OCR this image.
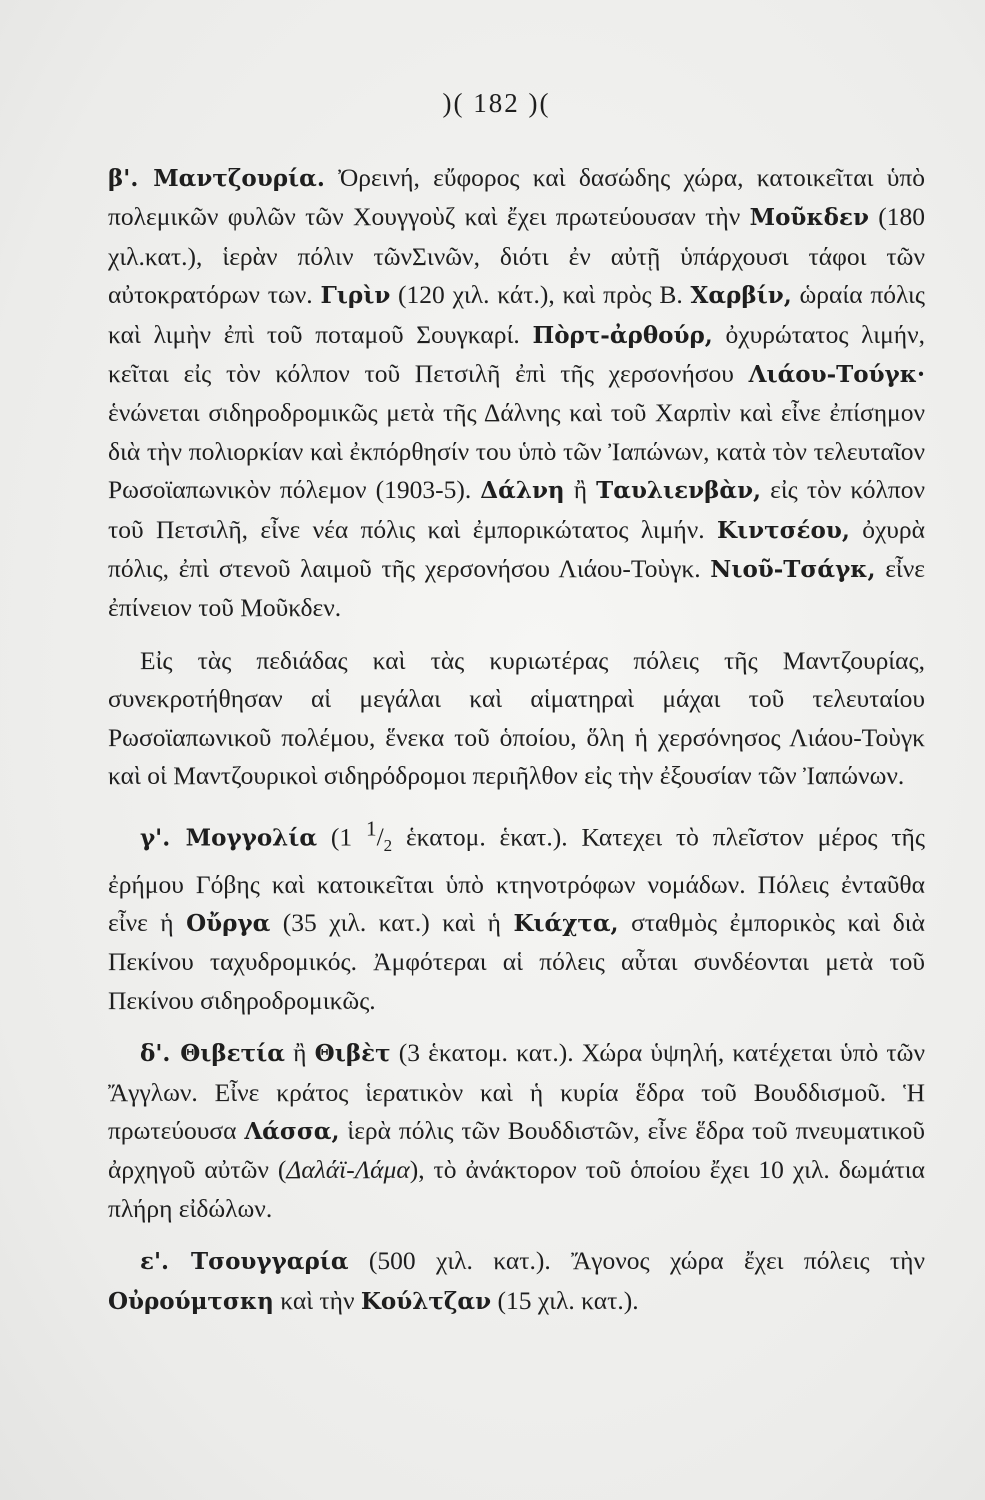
)( 182 )(

β'. Μαντζουρία. Ὀρεινή, εὔφορος καὶ δασώδης χώρα, κατοικεῖται ὑπὸ πολεμικῶν φυλῶν τῶν Χουγγοὺζ καὶ ἔχει πρωτεύουσαν τὴν Μοῦκδεν (180 χιλ.κατ.), ἱερὰν πόλιν τῶνΣινῶν, διότι ἐν αὐτῇ ὑπάρχουσι τάφοι τῶν αὐτοκρατόρων των. Γιρὶν (120 χιλ. κάτ.), καὶ πρὸς Β. Χαρβίν, ὡραία πόλις καὶ λιμὴν ἐπὶ τοῦ ποταμοῦ Σουγκαρί. Πὸρτ-ἀρθούρ, ὀχυρώτατος λιμήν, κεῖται εἰς τὸν κόλπον τοῦ Πετσιλῆ ἐπὶ τῆς χερσονήσου Λιάου-Τούγκ· ἑνώνεται σιδηροδρομικῶς μετὰ τῆς Δάλνης καὶ τοῦ Χαρπὶν καὶ εἶνε ἐπίσημον διὰ τὴν πολιορκίαν καὶ ἐκπόρθησίν του ὑπὸ τῶν Ἰαπώνων, κατὰ τὸν τελευταῖον Ρωσοϊαπωνικὸν πόλεμον (1903-5). Δάλνη ἢ Ταυλιενβὰν, εἰς τὸν κόλπον τοῦ Πετσιλῆ, εἶνε νέα πόλις καὶ ἐμπορικώτατος λιμήν. Κιντσέου, ὀχυρὰ πόλις, ἐπὶ στενοῦ λαιμοῦ τῆς χερσονήσου Λιάου-Τοὺγκ. Νιοῦ-Τσάγκ, εἶνε ἐπίνειον τοῦ Μοῦκδεν.

Εἰς τὰς πεδιάδας καὶ τὰς κυριωτέρας πόλεις τῆς Μαντζουρίας, συνεκροτήθησαν αἱ μεγάλαι καὶ αἱματηραὶ μάχαι τοῦ τελευταίου Ρωσοϊαπωνικοῦ πολέμου, ἕνεκα τοῦ ὁποίου, ὅλη ἡ χερσόνησος Λιάου-Τοὺγκ καὶ οἱ Μαντζουρικοὶ σιδηρόδρομοι περιῆλθον εἰς τὴν ἐξουσίαν τῶν Ἰαπώνων.

γ'. Μογγολία (1 $^1/_2$ ἑκατομ. ἑκατ.). Κατεχει τὸ πλεῖστον μέρος τῆς ἐρήμου Γόβης καὶ κατοικεῖται ὑπὸ κτηνοτρόφων νομάδων. Πόλεις ἐνταῦθα εἶνε ἡ Οὔργα (35 χιλ. κατ.) καὶ ἡ Κιάχτα, σταθμὸς ἐμπορικὸς καὶ διὰ Πεκίνου ταχυδρομικός. Ἀμφότεραι αἱ πόλεις αὗται συνδέονται μετὰ τοῦ Πεκίνου σιδηροδρομικῶς.

δ'. Θιβετία ἢ Θιβὲτ (3 ἑκατομ. κατ.). Χώρα ὑψηλή, κατέχεται ὑπὸ τῶν Ἄγγλων. Εἶνε κράτος ἱερατικὸν καὶ ἡ κυρία ἕδρα τοῦ Βουδδισμοῦ. Ἡ πρωτεύουσα Λάσσα, ἱερὰ πόλις τῶν Βουδδιστῶν, εἶνε ἕδρα τοῦ πνευματικοῦ ἀρχηγοῦ αὐτῶν (Δαλάϊ-Λάμα), τὸ ἀνάκτορον τοῦ ὁποίου ἔχει 10 χιλ. δωμάτια πλήρη εἰδώλων.

ε'. Τσουγγαρία (500 χιλ. κατ.). Ἄγονος χώρα ἔχει πόλεις τὴν Οὐρούμτσκη καὶ τὴν Κούλτζαν (15 χιλ. κατ.).
